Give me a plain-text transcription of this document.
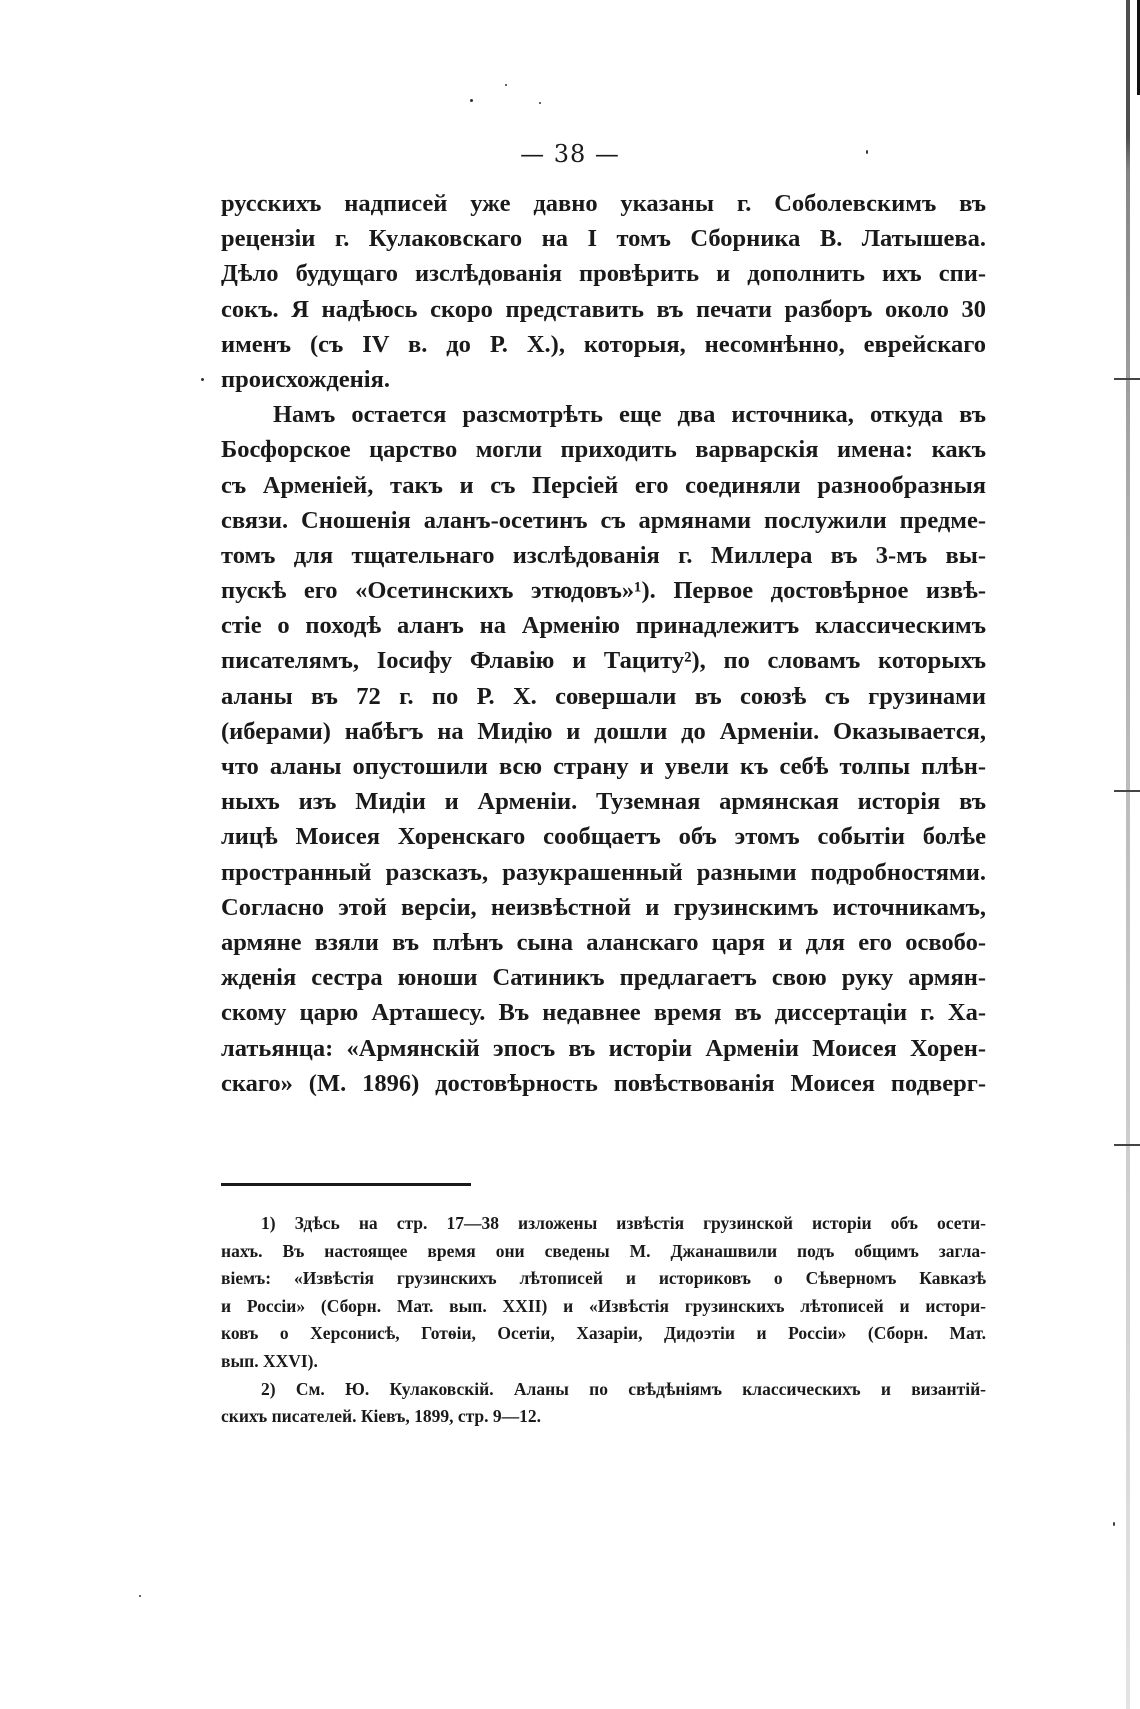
— 38 —
русскихъ надписей уже давно указаны г. Соболевскимъ въ
рецензіи г. Кулаковскаго на I томъ Сборника В. Латышева.
Дѣло будущаго изслѣдованія провѣрить и дополнить ихъ спи-
сокъ. Я надѣюсь скоро представить въ печати разборъ около 30
именъ (съ IV в. до Р. Х.), которыя, несомнѣнно, еврейскаго
происхожденія.
Намъ остается разсмотрѣть еще два источника, откуда въ
Босфорское царство могли приходить варварскія имена: какъ
съ Арменіей, такъ и съ Персіей его соединяли разнообразныя
связи. Сношенія аланъ-осетинъ съ армянами послужили предме-
томъ для тщательнаго изслѣдованія г. Миллера въ 3-мъ вы-
пускѣ его «Осетинскихъ этюдовъ»¹). Первое достовѣрное извѣ-
стіе о походѣ аланъ на Арменію принадлежитъ классическимъ
писателямъ, Іосифу Флавію и Тациту²), по словамъ которыхъ
аланы въ 72 г. по Р. Х. совершали въ союзѣ съ грузинами
(иберами) набѣгъ на Мидію и дошли до Арменіи. Оказывается,
что аланы опустошили всю страну и увели къ себѣ толпы плѣн-
ныхъ изъ Мидіи и Арменіи. Туземная армянская исторія въ
лицѣ Моисея Хоренскаго сообщаетъ объ этомъ событіи болѣе
пространный разсказъ, разукрашенный разными подробностями.
Согласно этой версіи, неизвѣстной и грузинскимъ источникамъ,
армяне взяли въ плѣнъ сына аланскаго царя и для его освобо-
жденія сестра юноши Сатиникъ предлагаетъ свою руку армян-
скому царю Арташесу. Въ недавнее время въ диссертаціи г. Ха-
латьянца: «Армянскій эпосъ въ исторіи Арменіи Моисея Хорен-
скаго» (М. 1896) достовѣрность повѣствованія Моисея подверг-
1) Здѣсь на стр. 17—38 изложены извѣстія грузинской исторіи объ осети-
нахъ. Въ настоящее время они сведены М. Джанашвили подъ общимъ загла-
віемъ: «Извѣстія грузинскихъ лѣтописей и историковъ о Сѣверномъ Кавказѣ
и Россіи» (Сборн. Мат. вып. XXII) и «Извѣстія грузинскихъ лѣтописей и истори-
ковъ о Херсонисѣ, Готѳіи, Осетіи, Хазаріи, Дидоэтіи и Россіи» (Сборн. Мат.
вып. XXVI).
2) См. Ю. Кулаковскій. Аланы по свѣдѣніямъ классическихъ и византій-
скихъ писателей. Кіевъ, 1899, стр. 9—12.
